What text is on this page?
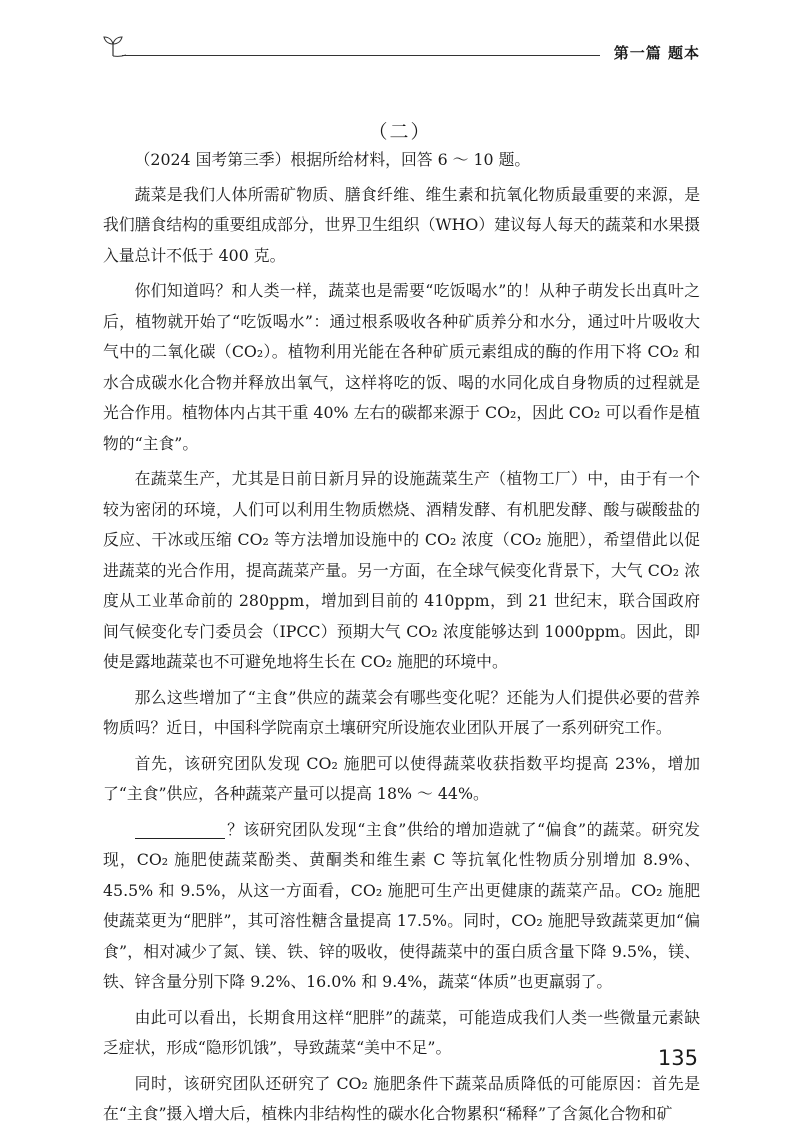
第一篇 题本
（二）

（2024 国考第三季）根据所给材料，回答 6 ～ 10 题。

蔬菜是我们人体所需矿物质、膳食纤维、维生素和抗氧化物质最重要的来源，是我们膳食结构的重要组成部分，世界卫生组织（WHO）建议每人每天的蔬菜和水果摄入量总计不低于 400 克。

你们知道吗？和人类一样，蔬菜也是需要“吃饭喝水”的！从种子萌发长出真叶之后，植物就开始了“吃饭喝水”：通过根系吸收各种矿质养分和水分，通过叶片吸收大气中的二氧化碳（CO₂）。植物利用光能在各种矿质元素组成的酶的作用下将 CO₂ 和水合成碳水化合物并释放出氧气，这样将吃的饭、喝的水同化成自身物质的过程就是光合作用。植物体内占其干重 40% 左右的碳都来源于 CO₂，因此 CO₂ 可以看作是植物的“主食”。

在蔬菜生产，尤其是日前日新月异的设施蔬菜生产（植物工厂）中，由于有一个较为密闭的环境，人们可以利用生物质燃烧、酒精发酵、有机肥发酵、酸与碳酸盐的反应、干冰或压缩 CO₂ 等方法增加设施中的 CO₂ 浓度（CO₂ 施肥），希望借此以促进蔬菜的光合作用，提高蔬菜产量。另一方面，在全球气候变化背景下，大气 CO₂ 浓度从工业革命前的 280ppm，增加到目前的 410ppm，到 21 世纪末，联合国政府间气候变化专门委员会（IPCC）预期大气 CO₂ 浓度能够达到 1000ppm。因此，即使是露地蔬菜也不可避免地将生长在 CO₂ 施肥的环境中。

那么这些增加了“主食”供应的蔬菜会有哪些变化呢？还能为人们提供必要的营养物质吗？近日，中国科学院南京土壤研究所设施农业团队开展了一系列研究工作。

首先，该研究团队发现 CO₂ 施肥可以使得蔬菜收获指数平均提高 23%，增加了“主食”供应，各种蔬菜产量可以提高 18% ～ 44%。

？该研究团队发现“主食”供给的增加造就了“偏食”的蔬菜。研究发现，CO₂ 施肥使蔬菜酚类、黄酮类和维生素 C 等抗氧化性物质分别增加 8.9%、45.5% 和 9.5%，从这一方面看，CO₂ 施肥可生产出更健康的蔬菜产品。CO₂ 施肥使蔬菜更为“肥胖”，其可溶性糖含量提高 17.5%。同时，CO₂ 施肥导致蔬菜更加“偏食”，相对减少了氮、镁、铁、锌的吸收，使得蔬菜中的蛋白质含量下降 9.5%，镁、铁、锌含量分别下降 9.2%、16.0% 和 9.4%，蔬菜“体质”也更羸弱了。

由此可以看出，长期食用这样“肥胖”的蔬菜，可能造成我们人类一些微量元素缺乏症状，形成“隐形饥饿”，导致蔬菜“美中不足”。

同时，该研究团队还研究了 CO₂ 施肥条件下蔬菜品质降低的可能原因：首先是在“主食”摄入增大后，植株内非结构性的碳水化合物累积“稀释”了含氮化合物和矿

135
